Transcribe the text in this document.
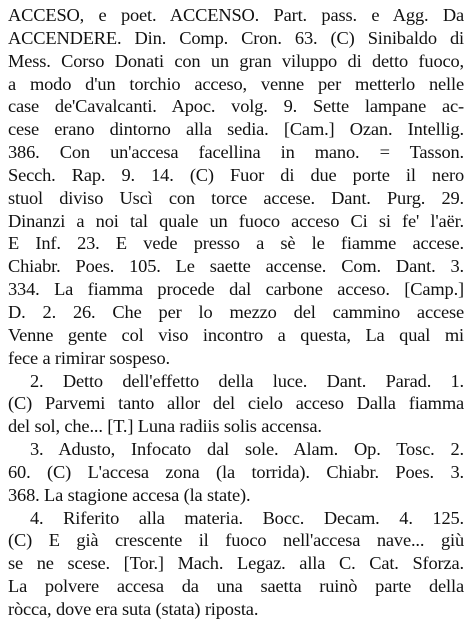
ACCESO, e poet. ACCENSO. Part. pass. e Agg. Da
ACCENDERE. Din. Comp. Cron. 63. (C) Sinibaldo di
Mess. Corso Donati con un gran viluppo di detto fuoco,
a modo d'un torchio acceso, venne per metterlo nelle
case de'Cavalcanti. Apoc. volg. 9. Sette lampane ac-
cese erano dintorno alla sedia. [Cam.] Ozan. Intellig.
386. Con un'accesa facellina in mano. = Tasson.
Secch. Rap. 9. 14. (C) Fuor di due porte il nero
stuol diviso Uscì con torce accese. Dant. Purg. 29.
Dinanzi a noi tal quale un fuoco acceso Ci si fe' l'aër.
E Inf. 23. E vede presso a sè le fiamme accese.
Chiabr. Poes. 105. Le saette accense. Com. Dant. 3.
334. La fiamma procede dal carbone acceso. [Camp.]
D. 2. 26. Che per lo mezzo del cammino accese
Venne gente col viso incontro a questa, La qual mi
fece a rimirar sospeso.
2. Detto dell'effetto della luce. Dant. Parad. 1.
(C) Parvemi tanto allor del cielo acceso Dalla fiamma
del sol, che... [T.] Luna radiis solis accensa.
3. Adusto, Infocato dal sole. Alam. Op. Tosc. 2.
60. (C) L'accesa zona (la torrida). Chiabr. Poes. 3.
368. La stagione accesa (la state).
4. Riferito alla materia. Bocc. Decam. 4. 125.
(C) E già crescente il fuoco nell'accesa nave... giù
se ne scese. [Tor.] Mach. Legaz. alla C. Cat. Sforza.
La polvere accesa da una saetta ruinò parte della
ròcca, dove era suta (stata) riposta.
